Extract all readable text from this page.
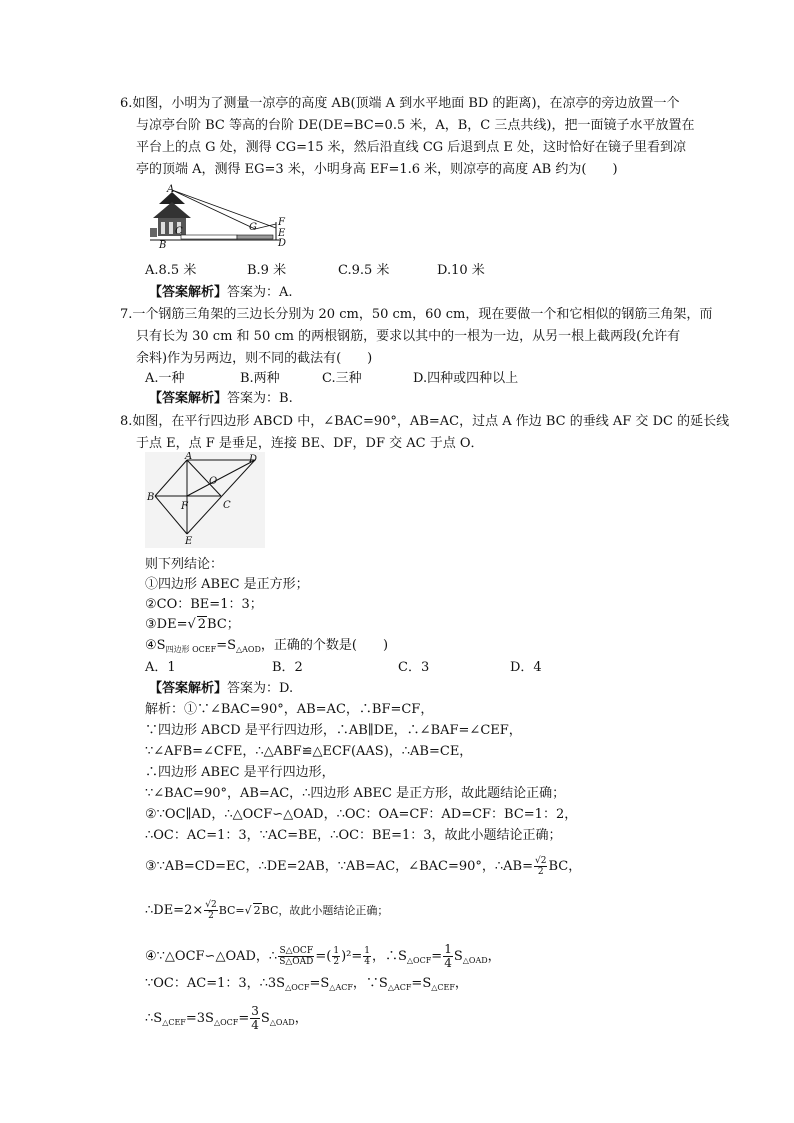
6.如图，小明为了测量一凉亭的高度 AB(顶端 A 到水平地面 BD 的距离)，在凉亭的旁边放置一个
与凉亭台阶 BC 等高的台阶 DE(DE=BC=0.5 米，A，B，C 三点共线)，把一面镜子水平放置在
平台上的点 G 处，测得 CG=15 米，然后沿直线 CG 后退到点 E 处，这时恰好在镜子里看到凉
亭的顶端 A，测得 EG=3 米，小明身高 EF=1.6 米，则凉亭的高度 AB 约为(　　)
A
B
C	G F
E
D
A.8.5 米	B.9 米	C.9.5 米	D.10 米
【答案解析】答案为：A.
7.一个钢筋三角架的三边长分别为 20 cm，50 cm，60 cm，现在要做一个和它相似的钢筋三角架，而
只有长为 30 cm 和 50 cm 的两根钢筋，要求以其中的一根为一边，从另一根上截两段(允许有
余料)作为另两边，则不同的截法有(　　)
A.一种	B.两种	C.三种	D.四种或四种以上
【答案解析】答案为：B.
8.如图，在平行四边形 ABCD 中，∠BAC=90°，AB=AC，过点 A 作边 BC 的垂线 AF 交 DC 的延长线
于点 E，点 F 是垂足，连接 BE、DF，DF 交 AC 于点 O．
A	D
O
B
F	C
E
则下列结论：
①四边形 ABEC 是正方形；
②CO：BE=1：3；
③DE=√ 2BC；
$④S_{四边形 OCEF}=S_{\triangle AOD}$，正确的个数是(　　)
A．1	B．2	C．3	D．4
【答案解析】答案为：D.
解析：①∵∠BAC=90°，AB=AC，∴BF=CF，
∵四边形 ABCD 是平行四边形，∴AB∥DE，∴∠BAF=∠CEF，
∵∠AFB=∠CFE，∴△ABF≌△ECF(AAS)，∴AB=CE，
∴四边形 ABEC 是平行四边形，
∵∠BAC=90°，AB=AC，∴四边形 ABEC 是正方形，故此题结论正确；
②∵OC∥AD，∴△OCF∽△OAD，∴OC：OA=CF：AD=CF：BC=1：2，
∴OC：AC=1：3，∵AC=BE，∴OC：BE=1：3，故此小题结论正确；
③∵AB=CD=EC，∴DE=2AB，∵AB=AC，∠BAC=90°，∴AB= $\frac{√2}{2}$ BC，
∴DE=2× $\frac{√2}{2} BC=√$ 2BC，故此小题结论正确；
④∵△OCF∽△OAD，∴ $\frac{\text{S△OCF}}{\text{S△OAD}}$ =( $\frac{1}{2} )^2= \frac{1}{4}$ ，$\therefore S_{\triangle OCF}= \frac{1}{4} S_{\triangle OAD}$，
∵OC：AC=1：3，$\therefore 3S_{\triangle OCF}=S_{\triangle ACF}$，$\because S_{\triangle ACF}=S_{\triangle CEF}$，
$\therefore S_{\triangle CEF}=3S_{\triangle OCF}= \frac{3}{4} S_{\triangle OAD}$，
